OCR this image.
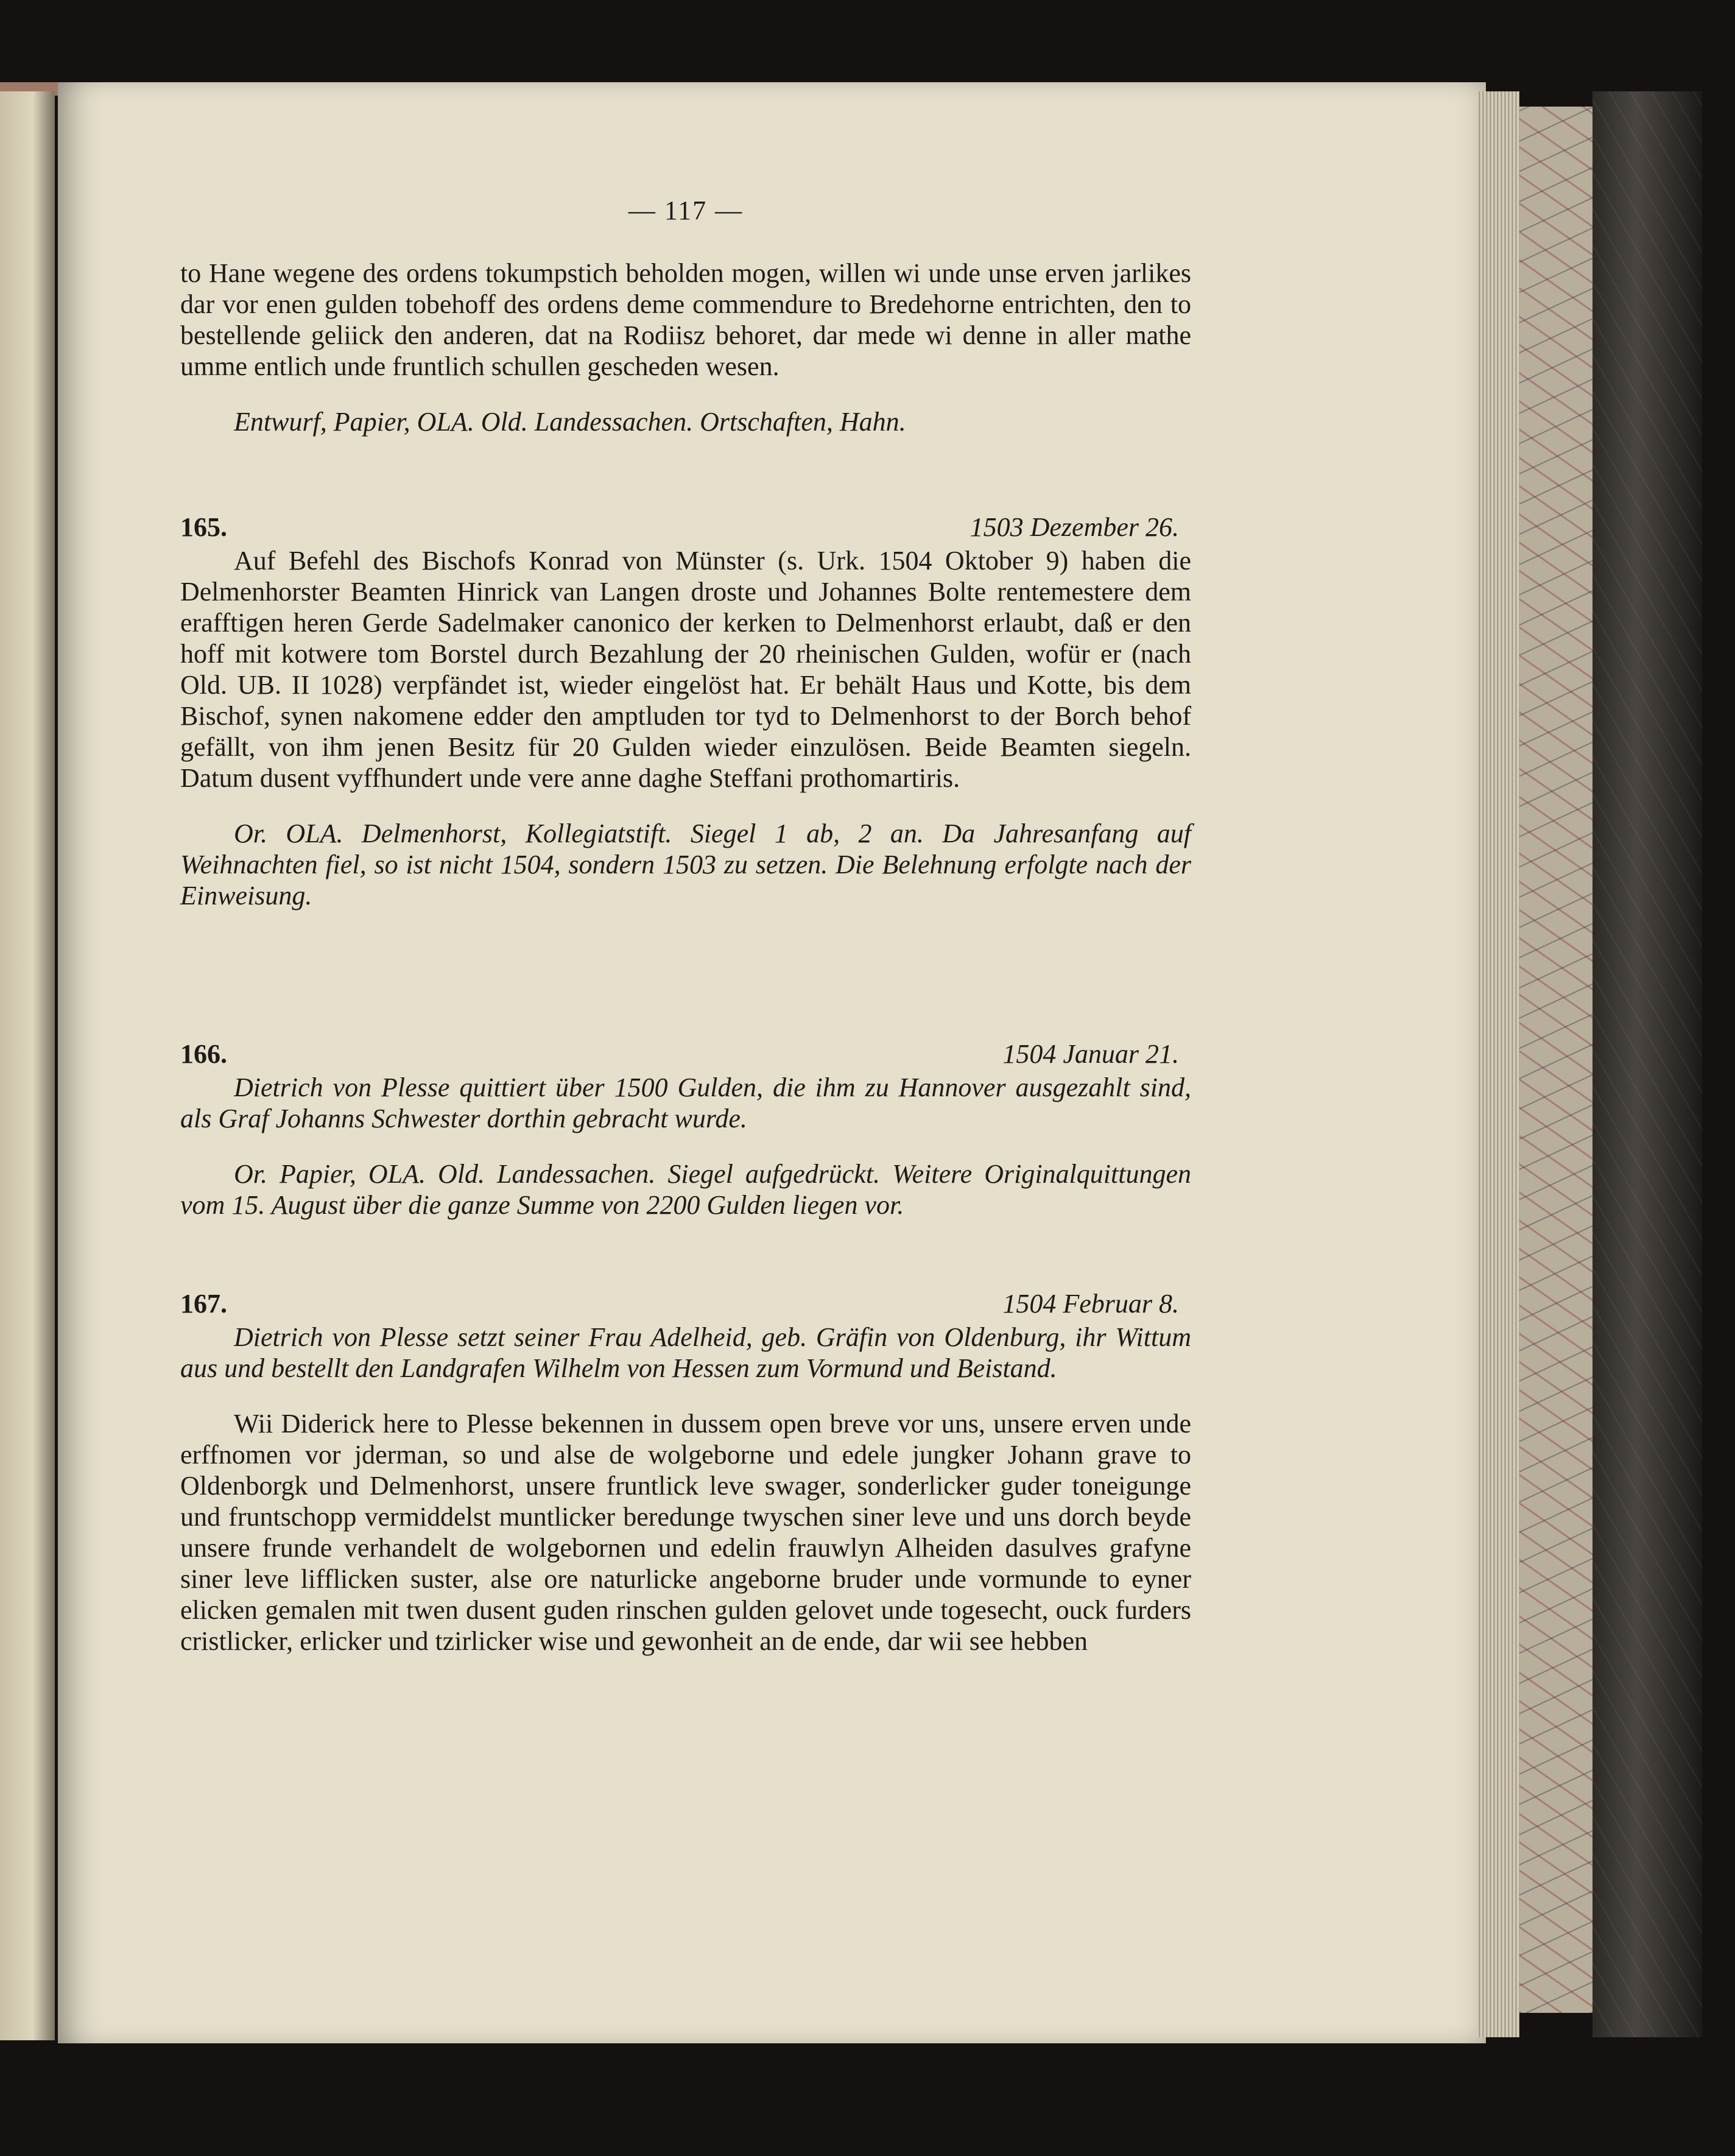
— 117 —

to Hane wegene des ordens tokumpstich beholden mogen, willen wi unde unse erven jarlikes dar vor enen gulden tobehoff des ordens deme commendure to Bredehorne entrichten, den to bestellende geliick den anderen, dat na Rodiisz behoret, dar mede wi denne in aller mathe umme entlich unde fruntlich schullen gescheden wesen.

Entwurf, Papier, OLA. Old. Landessachen. Ortschaften, Hahn.

165.	1503 Dezember 26.

Auf Befehl des Bischofs Konrad von Münster (s. Urk. 1504 Oktober 9) haben die Delmenhorster Beamten Hinrick van Langen droste und Johannes Bolte rentemestere dem erafftigen heren Gerde Sadelmaker canonico der kerken to Delmenhorst erlaubt, daß er den hoff mit kotwere tom Borstel durch Bezahlung der 20 rheinischen Gulden, wofür er (nach Old. UB. II 1028) verpfändet ist, wieder eingelöst hat. Er behält Haus und Kotte, bis dem Bischof, synen nakomene edder den amptluden tor tyd to Delmenhorst to der Borch behof gefällt, von ihm jenen Besitz für 20 Gulden wieder einzulösen. Beide Beamten siegeln. Datum dusent vyffhundert unde vere anne daghe Steffani prothomartiris.

Or. OLA. Delmenhorst, Kollegiatstift. Siegel 1 ab, 2 an. Da Jahresanfang auf Weihnachten fiel, so ist nicht 1504, sondern 1503 zu setzen. Die Belehnung erfolgte nach der Einweisung.

166.	1504 Januar 21.

Dietrich von Plesse quittiert über 1500 Gulden, die ihm zu Hannover ausgezahlt sind, als Graf Johanns Schwester dorthin gebracht wurde.

Or. Papier, OLA. Old. Landessachen. Siegel aufgedrückt. Weitere Originalquittungen vom 15. August über die ganze Summe von 2200 Gulden liegen vor.

167.	1504 Februar 8.

Dietrich von Plesse setzt seiner Frau Adelheid, geb. Gräfin von Oldenburg, ihr Wittum aus und bestellt den Landgrafen Wilhelm von Hessen zum Vormund und Beistand.

Wii Diderick here to Plesse bekennen in dussem open breve vor uns, unsere erven unde erffnomen vor jderman, so und alse de wolgeborne und edele jungker Johann grave to Oldenborgk und Delmenhorst, unsere fruntlick leve swager, sonderlicker guder toneigunge und fruntschopp vermiddelst muntlicker beredunge twyschen siner leve und uns dorch beyde unsere frunde verhandelt de wolgebornen und edelin frauwlyn Alheiden dasulves grafyne siner leve lifflicken suster, alse ore naturlicke angeborne bruder unde vormunde to eyner elicken gemalen mit twen dusent guden rinschen gulden gelovet unde togesecht, ouck furders cristlicker, erlicker und tzirlicker wise und gewonheit an de ende, dar wii see hebben
